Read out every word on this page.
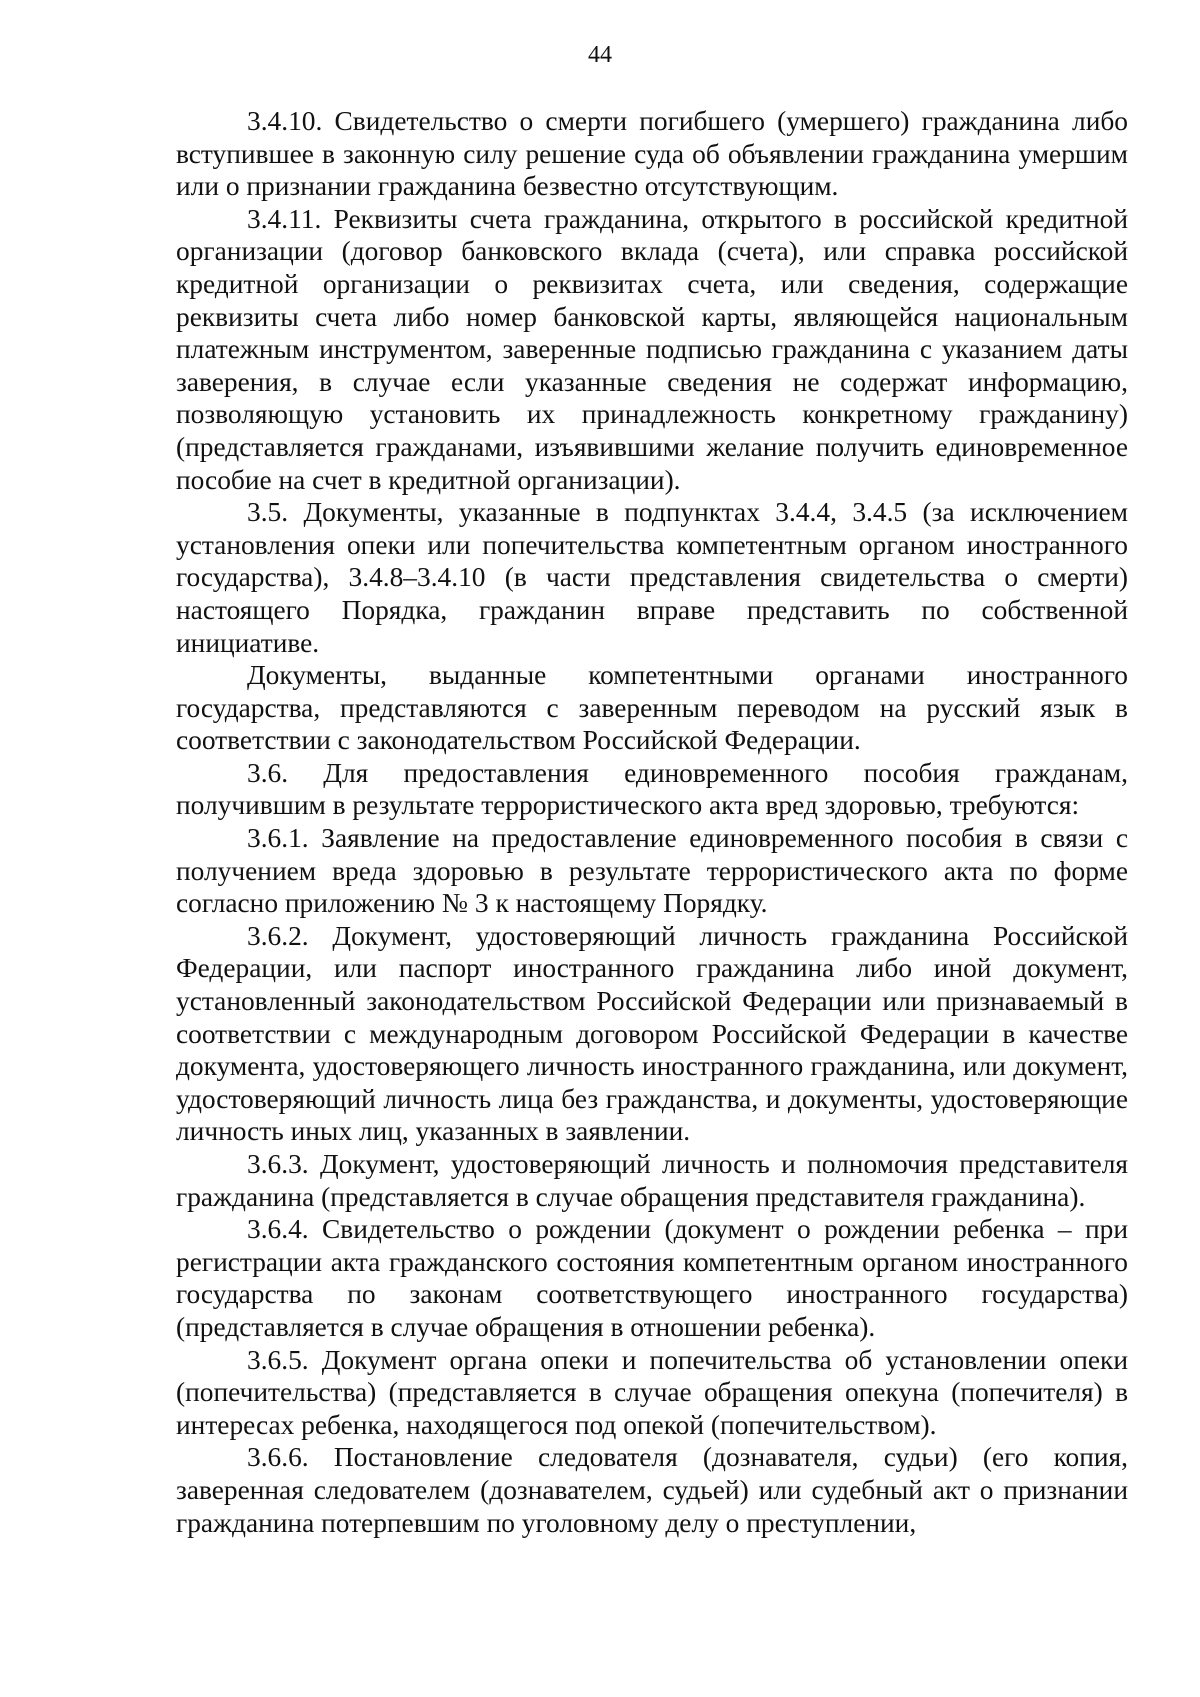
44

3.4.10. Свидетельство о смерти погибшего (умершего) гражданина либо вступившее в законную силу решение суда об объявлении гражданина умершим или о признании гражданина безвестно отсутствующим.

3.4.11. Реквизиты счета гражданина, открытого в российской кредитной организации (договор банковского вклада (счета), или справка российской кредитной организации о реквизитах счета, или сведения, содержащие реквизиты счета либо номер банковской карты, являющейся национальным платежным инструментом, заверенные подписью гражданина с указанием даты заверения, в случае если указанные сведения не содержат информацию, позволяющую установить их принадлежность конкретному гражданину) (представляется гражданами, изъявившими желание получить единовременное пособие на счет в кредитной организации).

3.5. Документы, указанные в подпунктах 3.4.4, 3.4.5 (за исключением установления опеки или попечительства компетентным органом иностранного государства), 3.4.8–3.4.10 (в части представления свидетельства о смерти) настоящего Порядка, гражданин вправе представить по собственной инициативе.

Документы, выданные компетентными органами иностранного государства, представляются с заверенным переводом на русский язык в соответствии с законодательством Российской Федерации.

3.6. Для предоставления единовременного пособия гражданам, получившим в результате террористического акта вред здоровью, требуются:

3.6.1. Заявление на предоставление единовременного пособия в связи с получением вреда здоровью в результате террористического акта по форме согласно приложению № 3 к настоящему Порядку.

3.6.2. Документ, удостоверяющий личность гражданина Российской Федерации, или паспорт иностранного гражданина либо иной документ, установленный законодательством Российской Федерации или признаваемый в соответствии с международным договором Российской Федерации в качестве документа, удостоверяющего личность иностранного гражданина, или документ, удостоверяющий личность лица без гражданства, и документы, удостоверяющие личность иных лиц, указанных в заявлении.

3.6.3. Документ, удостоверяющий личность и полномочия представителя гражданина (представляется в случае обращения представителя гражданина).

3.6.4. Свидетельство о рождении (документ о рождении ребенка – при регистрации акта гражданского состояния компетентным органом иностранного государства по законам соответствующего иностранного государства) (представляется в случае обращения в отношении ребенка).

3.6.5. Документ органа опеки и попечительства об установлении опеки (попечительства) (представляется в случае обращения опекуна (попечителя) в интересах ребенка, находящегося под опекой (попечительством).

3.6.6. Постановление следователя (дознавателя, судьи) (его копия, заверенная следователем (дознавателем, судьей) или судебный акт о признании гражданина потерпевшим по уголовному делу о преступлении,
